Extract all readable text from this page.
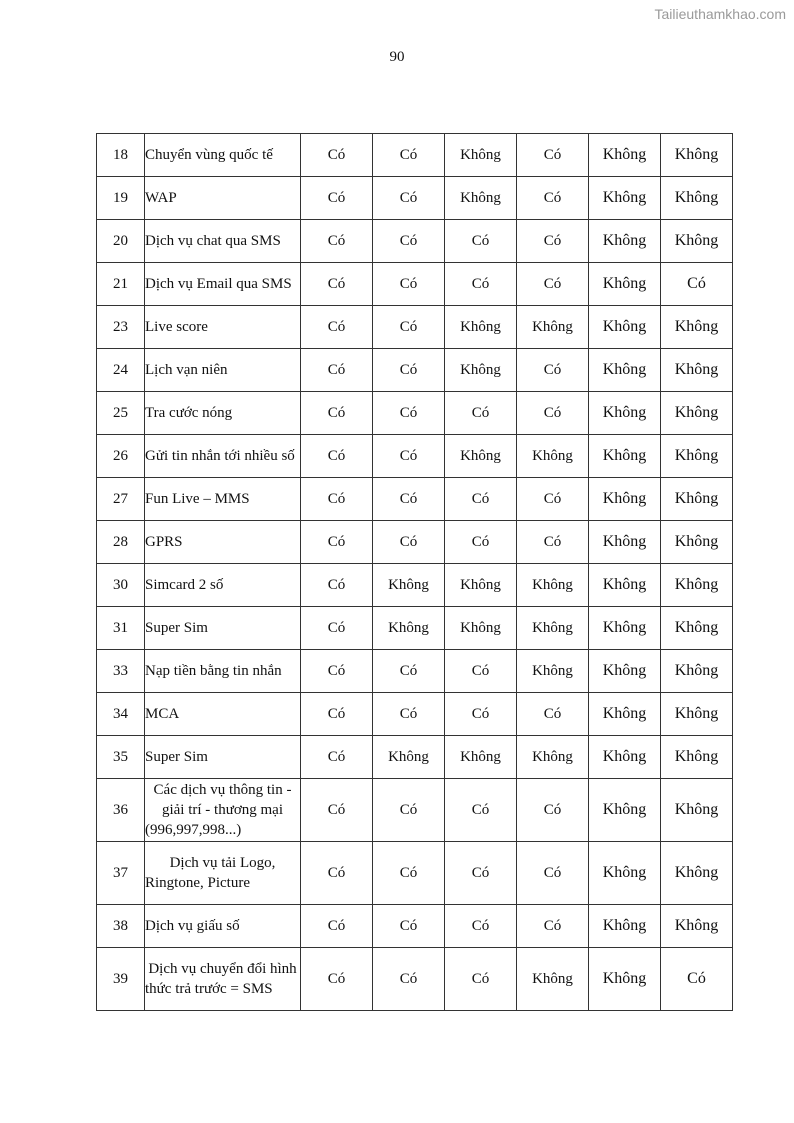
Tailieuthamkhao.com
90
18	Chuyển vùng quốc tế	Có	Có	Không	Có	Không	Không
19	WAP	Có	Có	Không	Có	Không	Không
20	Dịch vụ chat qua SMS	Có	Có	Có	Có	Không	Không
21	Dịch vụ Email qua SMS	Có	Có	Có	Có	Không	Có
23	Live score	Có	Có	Không	Không	Không	Không
24	Lịch vạn niên	Có	Có	Không	Có	Không	Không
25	Tra cước nóng	Có	Có	Có	Có	Không	Không
26	Gửi tin nhắn tới nhiều số	Có	Có	Không	Không	Không	Không
27	Fun Live – MMS	Có	Có	Có	Có	Không	Không
28	GPRS	Có	Có	Có	Có	Không	Không
30	Simcard 2 số	Có	Không	Không	Không	Không	Không
31	Super Sim	Có	Không	Không	Không	Không	Không
33	Nạp tiền bằng tin nhắn	Có	Có	Có	Không	Không	Không
34	MCA	Có	Có	Có	Có	Không	Không
35	Super Sim	Có	Không	Không	Không	Không	Không
36	Các dịch vụ thông tin - giải trí - thương mại (996,997,998...)	Có	Có	Có	Có	Không	Không
37	Dịch vụ tải Logo, Ringtone, Picture	Có	Có	Có	Có	Không	Không
38	Dịch vụ giấu số	Có	Có	Có	Có	Không	Không
39	Dịch vụ chuyển đổi hình thức trả trước = SMS	Có	Có	Có	Không	Không	Có
